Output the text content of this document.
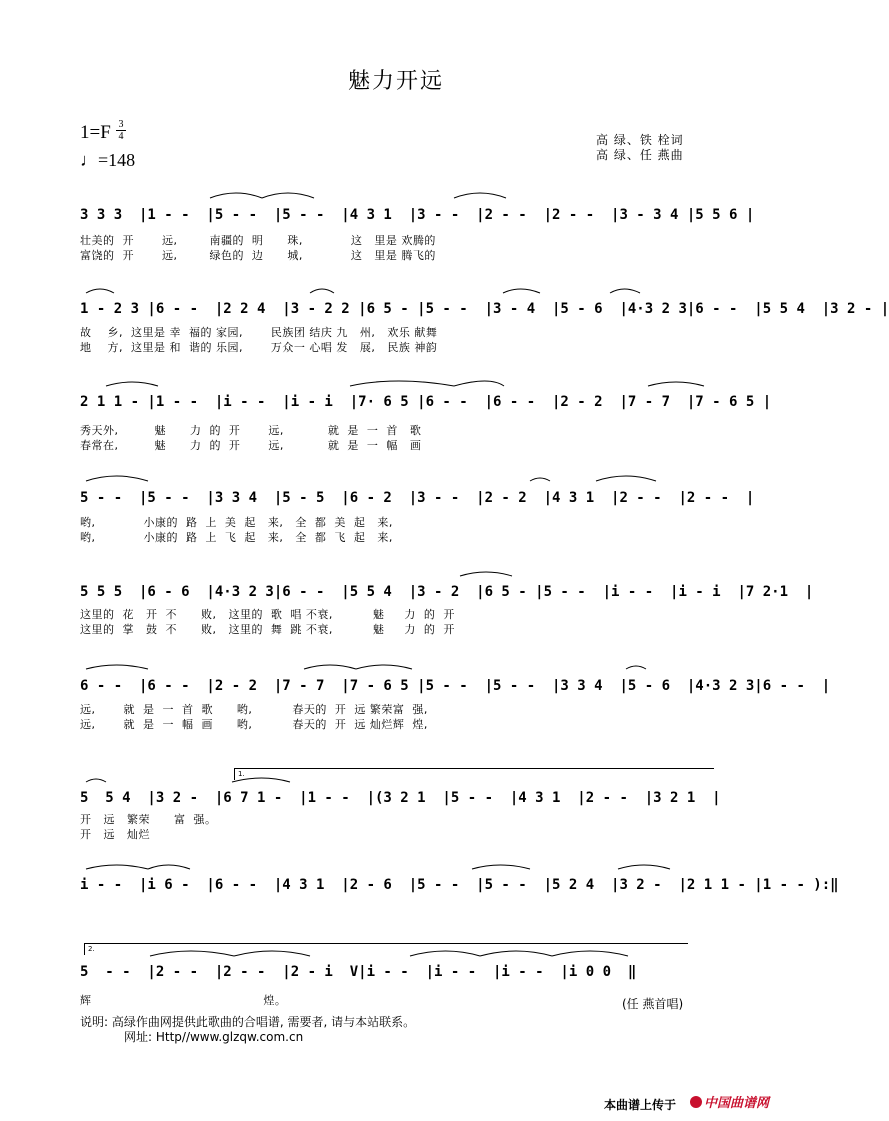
魅力开远
1=F 3
4
♩=148
高 绿、铁 栓词
高 绿、任 燕曲
3 3 3  |1 - -  |5 - -  |5 - -  |4 3 1  |3 - -  |2 - -  |2 - -  |3 - 3 4 |5 5 6 |
壮美的  开       远,        南疆的  明      珠,            这   里是 欢腾的
富饶的  开       远,        绿色的  边      城,            这   里是 腾飞的
1 - 2 3 |6 - -  |2 2 4  |3 - 2 2 |6 5 - |5 - -  |3 - 4  |5 - 6  |4·3 2 3|6 - -  |5 5 4  |3 2 - |
故    乡,  这里是 幸  福的 家园,       民族团 结庆 九   州,   欢乐 献舞
地    方,  这里是 和  谐的 乐园,       万众一 心唱 发   展,   民族 神韵
2 1 1 - |1 - -  |i - -  |i - i  |7· 6 5 |6 - -  |6 - -  |2 - 2  |7 - 7  |7 - 6 5 |
秀天外,         魅      力  的  开       远,           就  是  一  首   歌
春常在,         魅      力  的  开       远,           就  是  一  幅   画
5 - -  |5 - -  |3 3 4  |5 - 5  |6 - 2  |3 - -  |2 - 2  |4 3 1  |2 - -  |2 - -  |
哟,            小康的  路  上  美  起   来,   全  都  美  起   来,
哟,            小康的  路  上  飞  起   来,   全  都  飞  起   来,
5 5 5  |6 - 6  |4·3 2 3|6 - -  |5 5 4  |3 - 2  |6 5 - |5 - -  |i - -  |i - i  |7 2·1  |
这里的  花   开  不      败,   这里的  歌  唱 不衰,          魅     力  的  开
这里的  掌   鼓  不      败,   这里的  舞  跳 不衰,          魅     力  的  开
6 - -  |6 - -  |2 - 2  |7 - 7  |7 - 6 5 |5 - -  |5 - -  |3 3 4  |5 - 6  |4·3 2 3|6 - -  |
远,       就  是  一  首  歌      哟,          春天的  开  远 繁荣富  强,
远,       就  是  一  幅  画      哟,          春天的  开  远 灿烂辉  煌,
1.
5  5 4  |3 2 -  |6 7 1 -  |1 - -  |(3 2 1  |5 - -  |4 3 1  |2 - -  |3 2 1  |
开   远   繁荣      富  强。
开   远   灿烂
i - -  |i 6 -  |6 - -  |4 3 1  |2 - 6  |5 - -  |5 - -  |5 2 4  |3 2 -  |2 1 1 - |1 - - ):‖
2.
5  - -  |2 - -  |2 - -  |2 - i  V|i - -  |i - -  |i - -  |i 0 0  ‖
辉                                           煌。	(任 燕首唱)
说明: 高绿作曲网提供此歌曲的合唱谱, 需要者, 请与本站联系。
网址: Http//www.glzqw.com.cn
本曲谱上传于	中国曲谱网
